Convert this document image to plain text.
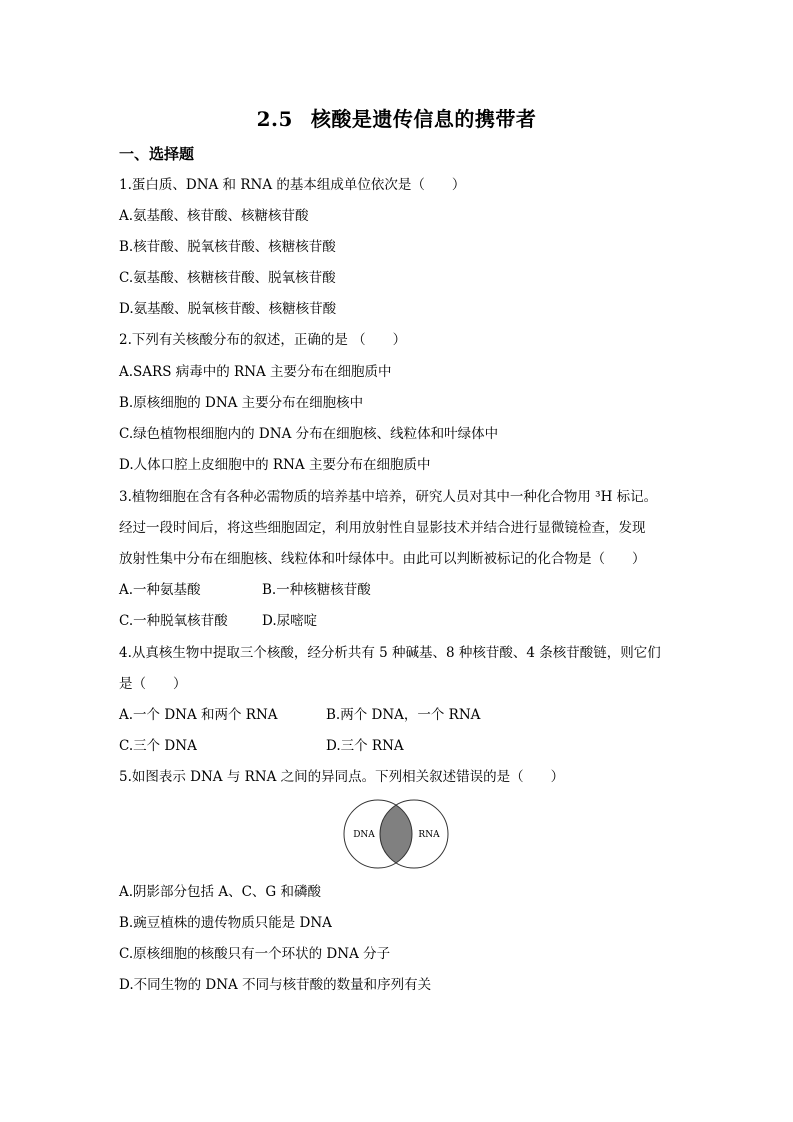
2.5 核酸是遗传信息的携带者
一、选择题
1.蛋白质、DNA 和 RNA 的基本组成单位依次是（　　）
A.氨基酸、核苷酸、核糖核苷酸
B.核苷酸、脱氧核苷酸、核糖核苷酸
C.氨基酸、核糖核苷酸、脱氧核苷酸
D.氨基酸、脱氧核苷酸、核糖核苷酸
2.下列有关核酸分布的叙述，正确的是 （　　）
A.SARS 病毒中的 RNA 主要分布在细胞质中
B.原核细胞的 DNA 主要分布在细胞核中
C.绿色植物根细胞内的 DNA 分布在细胞核、线粒体和叶绿体中
D.人体口腔上皮细胞中的 RNA 主要分布在细胞质中
3.植物细胞在含有各种必需物质的培养基中培养，研究人员对其中一种化合物用 ³H 标记。
经过一段时间后，将这些细胞固定，利用放射性自显影技术并结合进行显微镜检查，发现
放射性集中分布在细胞核、线粒体和叶绿体中。由此可以判断被标记的化合物是（　　）
A.一种氨基酸	B.一种核糖核苷酸
C.一种脱氧核苷酸	D.尿嘧啶
4.从真核生物中提取三个核酸，经分析共有 5 种碱基、8 种核苷酸、4 条核苷酸链，则它们
是（　　）
A.一个 DNA 和两个 RNA	B.两个 DNA，一个 RNA
C.三个 DNA	D.三个 RNA
5.如图表示 DNA 与 RNA 之间的异同点。下列相关叙述错误的是（　　）
DNA	RNA
A.阴影部分包括 A、C、G 和磷酸
B.豌豆植株的遗传物质只能是 DNA
C.原核细胞的核酸只有一个环状的 DNA 分子
D.不同生物的 DNA 不同与核苷酸的数量和序列有关
